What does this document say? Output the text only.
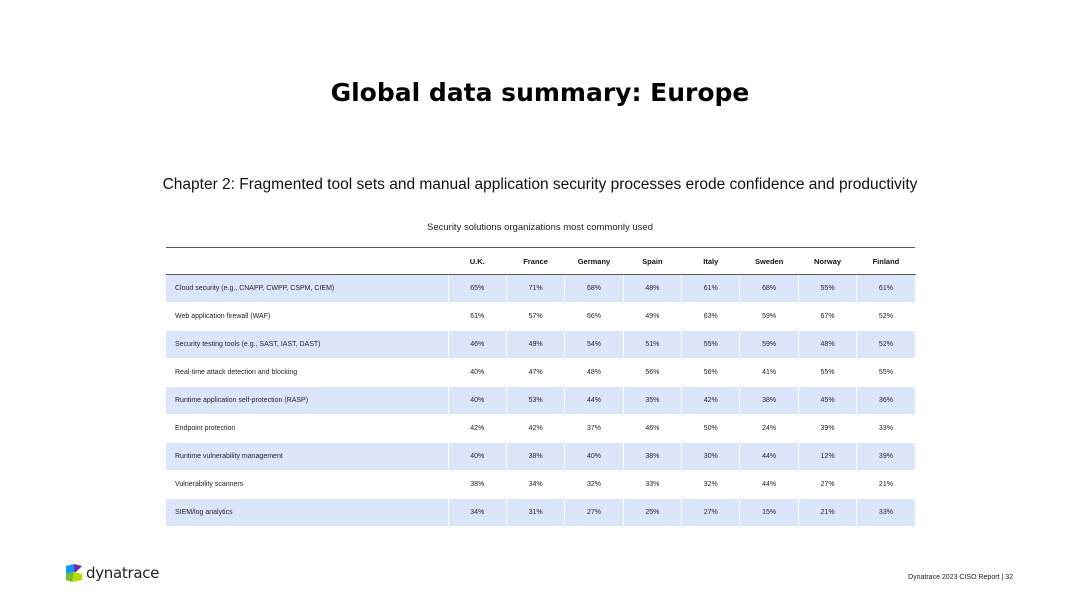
Global data summary: Europe
Chapter 2: Fragmented tool sets and manual application security processes erode confidence and productivity
Security solutions organizations most commonly used
	U.K.	France	Germany	Spain	Italy	Sweden	Norway	Finland
Cloud security (e.g., CNAPP, CWPP, CSPM, CIEM)	65%	71%	68%	48%	61%	68%	55%	61%
Web application firewall (WAF)	61%	57%	66%	49%	63%	59%	67%	52%
Security testing tools (e.g., SAST, IAST, DAST)	46%	49%	54%	51%	55%	59%	48%	52%
Real-time attack detection and blocking	40%	47%	48%	56%	56%	41%	55%	55%
Runtime application self-protection (RASP)	40%	53%	44%	35%	42%	38%	45%	36%
Endpoint protection	42%	42%	37%	46%	50%	24%	39%	33%
Runtime vulnerability management	40%	38%	40%	38%	30%	44%	12%	39%
Vulnerability scanners	38%	34%	32%	33%	32%	44%	27%	21%
SIEM/log analytics	34%	31%	27%	25%	27%	15%	21%	33%
dynatrace	Dynatrace 2023 CISO Report | 32
